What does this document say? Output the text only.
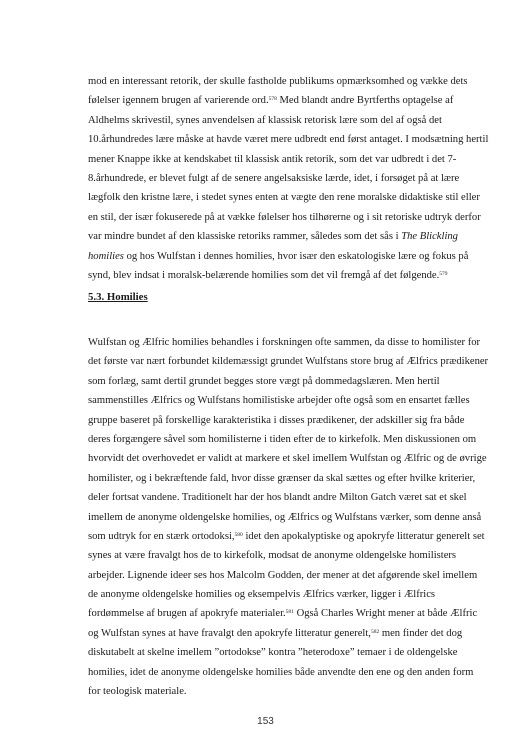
mod en interessant retorik, der skulle fastholde publikums opmærksomhed og vække dets
følelser igennem brugen af varierende ord.$^{578}$ Med blandt andre Byrtferths optagelse af
Aldhelms skrivestil, synes anvendelsen af klassisk retorisk lære som del af også det
10.århundredes lære måske at havde været mere udbredt end først antaget. I modsætning hertil
mener Knappe ikke at kendskabet til klassisk antik retorik, som det var udbredt i det 7-
8.århundrede, er blevet fulgt af de senere angelsaksiske lærde, idet, i forsøget på at lære
lægfolk den kristne lære, i stedet synes enten at vægte den rene moralske didaktiske stil eller
en stil, der især fokuserede på at vække følelser hos tilhørerne og i sit retoriske udtryk derfor
var mindre bundet af den klassiske retoriks rammer, således som det sås i The Blickling
homilies og hos Wulfstan i dennes homilies, hvor især den eskatologiske lære og fokus på
synd, blev indsat i moralsk-belærende homilies som det vil fremgå af det følgende.$^{579}$
5.3. Homilies
Wulfstan og Ælfric homilies behandles i forskningen ofte sammen, da disse to homilister for
det første var nært forbundet kildemæssigt grundet Wulfstans store brug af Ælfrics prædikener
som forlæg, samt dertil grundet begges store vægt på dommedagslæren. Men hertil
sammenstilles Ælfrics og Wulfstans homilistiske arbejder ofte også som en ensartet fælles
gruppe baseret på forskellige karakteristika i disses prædikener, der adskiller sig fra både
deres forgængere såvel som homilisterne i tiden efter de to kirkefolk. Men diskussionen om
hvorvidt det overhovedet er validt at markere et skel imellem Wulfstan og Ælfric og de øvrige
homilister, og i bekræftende fald, hvor disse grænser da skal sættes og efter hvilke kriterier,
deler fortsat vandene. Traditionelt har der hos blandt andre Milton Gatch været sat et skel
imellem de anonyme oldengelske homilies, og Ælfrics og Wulfstans værker, som denne anså
som udtryk for en stærk ortodoksi,$^{580}$ idet den apokalyptiske og apokryfe litteratur generelt set
synes at være fravalgt hos de to kirkefolk, modsat de anonyme oldengelske homilisters
arbejder. Lignende ideer ses hos Malcolm Godden, der mener at det afgørende skel imellem
de anonyme oldengelske homilies og eksempelvis Ælfrics værker, ligger i Ælfrics
fordømmelse af brugen af apokryfe materialer.$^{581}$ Også Charles Wright mener at både Ælfric
og Wulfstan synes at have fravalgt den apokryfe litteratur generelt,$^{582}$ men finder det dog
diskutabelt at skelne imellem ”ortodokse” kontra ”heterodoxe” temaer i de oldengelske
homilies, idet de anonyme oldengelske homilies både anvendte den ene og den anden form
for teologisk materiale.
153
